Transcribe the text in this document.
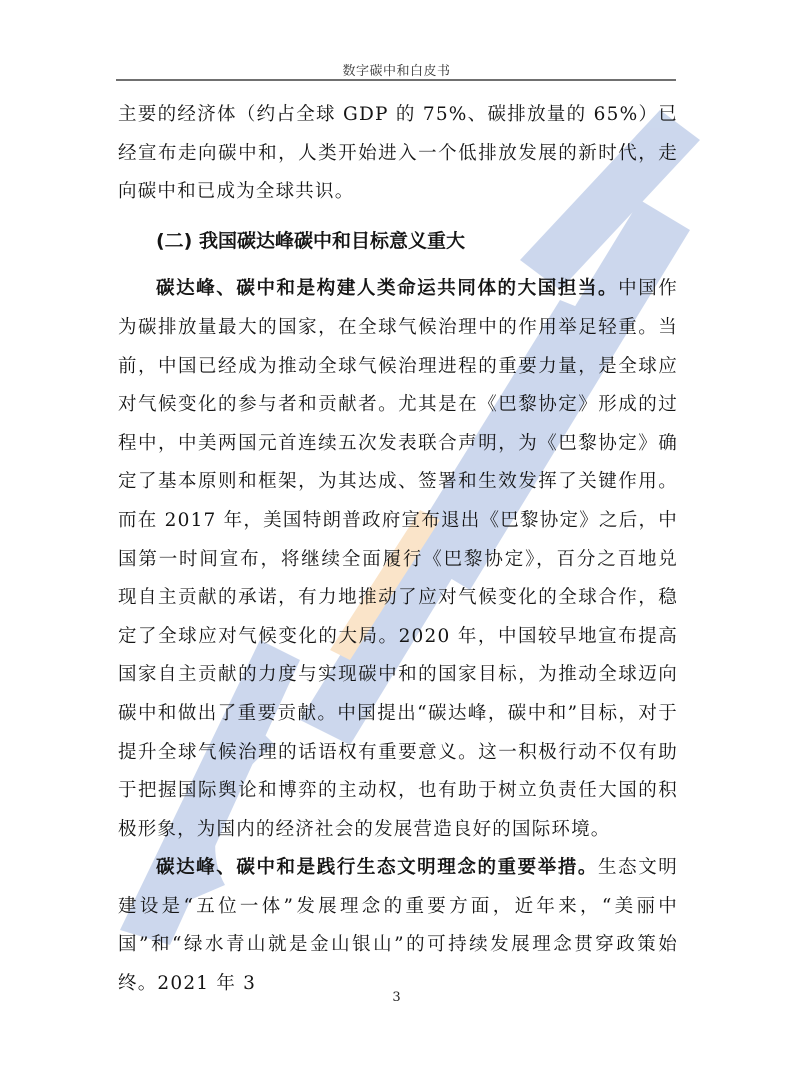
数字碳中和白皮书

主要的经济体（约占全球 GDP 的 75%、碳排放量的 65%）已经宣布走向碳中和，人类开始进入一个低排放发展的新时代，走向碳中和已成为全球共识。

(二) 我国碳达峰碳中和目标意义重大

碳达峰、碳中和是构建人类命运共同体的大国担当。中国作为碳排放量最大的国家，在全球气候治理中的作用举足轻重。当前，中国已经成为推动全球气候治理进程的重要力量，是全球应对气候变化的参与者和贡献者。尤其是在《巴黎协定》形成的过程中，中美两国元首连续五次发表联合声明，为《巴黎协定》确定了基本原则和框架，为其达成、签署和生效发挥了关键作用。而在 2017 年，美国特朗普政府宣布退出《巴黎协定》之后，中国第一时间宣布，将继续全面履行《巴黎协定》，百分之百地兑现自主贡献的承诺，有力地推动了应对气候变化的全球合作，稳定了全球应对气候变化的大局。2020 年，中国较早地宣布提高国家自主贡献的力度与实现碳中和的国家目标，为推动全球迈向碳中和做出了重要贡献。中国提出“碳达峰，碳中和”目标，对于提升全球气候治理的话语权有重要意义。这一积极行动不仅有助于把握国际舆论和博弈的主动权，也有助于树立负责任大国的积极形象，为国内的经济社会的发展营造良好的国际环境。

碳达峰、碳中和是践行生态文明理念的重要举措。生态文明建设是“五位一体”发展理念的重要方面，近年来，“美丽中国”和“绿水青山就是金山银山”的可持续发展理念贯穿政策始终。2021 年 3

3
